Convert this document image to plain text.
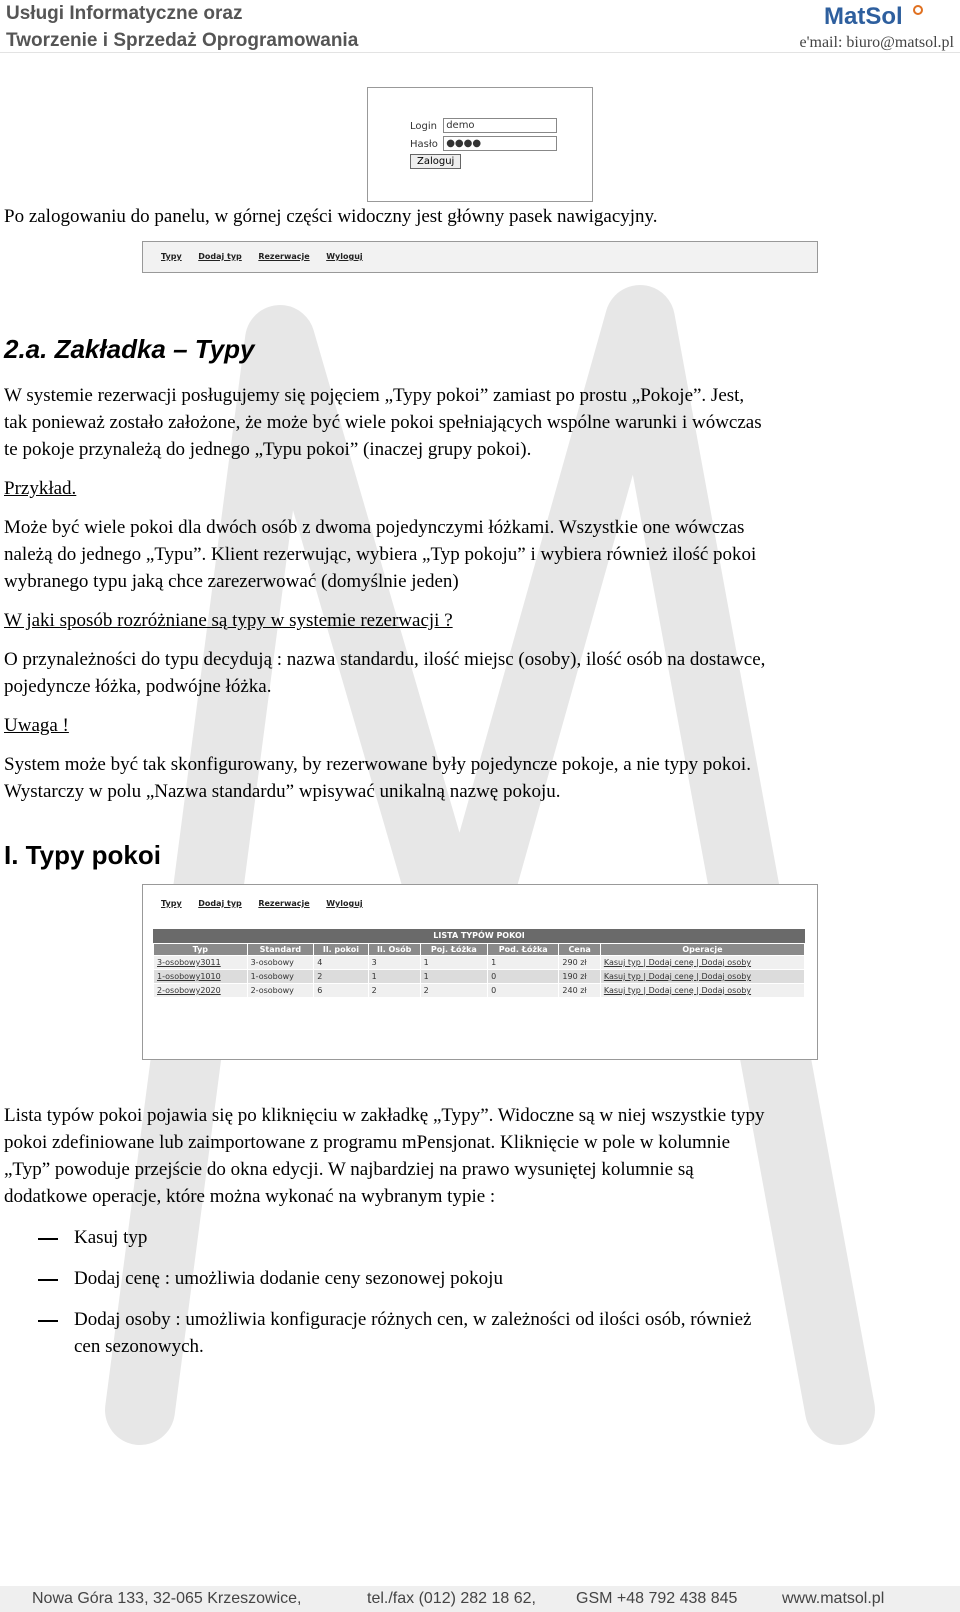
Usługi Informatyczne oraz
Tworzenie i Sprzedaż Oprogramowania
MatSol
e'mail: biuro@matsol.pl
Login demo
Hasło ●●●●
Zaloguj
Po zalogowaniu do panelu, w górnej części widoczny jest główny pasek nawigacyjny.
Typy Dodaj typ Rezerwacje Wyloguj
2.a. Zakładka – Typy
W systemie rezerwacji posługujemy się pojęciem „Typy pokoi” zamiast po prostu „Pokoje”. Jest,
tak ponieważ zostało założone, że może być wiele pokoi spełniających wspólne warunki i wówczas
te pokoje przynależą do jednego „Typu pokoi” (inaczej grupy pokoi).
Przykład.
Może być wiele pokoi dla dwóch osób z dwoma pojedynczymi łóżkami. Wszystkie one wówczas
należą do jednego „Typu”. Klient rezerwując, wybiera „Typ pokoju” i wybiera również ilość pokoi
wybranego typu jaką chce zarezerwować (domyślnie jeden)
W jaki sposób rozróżniane są typy w systemie rezerwacji ?
O przynależności do typu decydują : nazwa standardu, ilość miejsc (osoby), ilość osób na dostawce,
pojedyncze łóżka, podwójne łóżka.
Uwaga !
System może być tak skonfigurowany, by rezerwowane były pojedyncze pokoje, a nie typy pokoi.
Wystarczy w polu „Nazwa standardu” wpisywać unikalną nazwę pokoju.
I. Typy pokoi
Typy Dodaj typ Rezerwacje Wyloguj
LISTA TYPÓW POKOI
Typ	Standard	Il. pokoi	Il. Osób	Poj. Łóżka	Pod. Łóżka	Cena	Operacje
3-osobowy3011	3-osobowy	4	3	1	1	290 zł	Kasuj typ | Dodaj cenę | Dodaj osoby
1-osobowy1010	1-osobowy	2	1	1	0	190 zł	Kasuj typ | Dodaj cenę | Dodaj osoby
2-osobowy2020	2-osobowy	6	2	2	0	240 zł	Kasuj typ | Dodaj cenę | Dodaj osoby
Lista typów pokoi pojawia się po kliknięciu w zakładkę „Typy”. Widoczne są w niej wszystkie typy
pokoi zdefiniowane lub zaimportowane z programu mPensjonat. Kliknięcie w pole w kolumnie
„Typ” powoduje przejście do okna edycji. W najbardziej na prawo wysuniętej kolumnie są
dodatkowe operacje, które można wykonać na wybranym typie :
Kasuj typ
Dodaj cenę : umożliwia dodanie ceny sezonowej pokoju
Dodaj osoby : umożliwia konfiguracje różnych cen, w zależności od ilości osób, również
cen sezonowych.
Nowa Góra 133, 32-065 Krzeszowice,	tel./fax (012) 282 18 62,	GSM +48 792 438 845	www.matsol.pl
